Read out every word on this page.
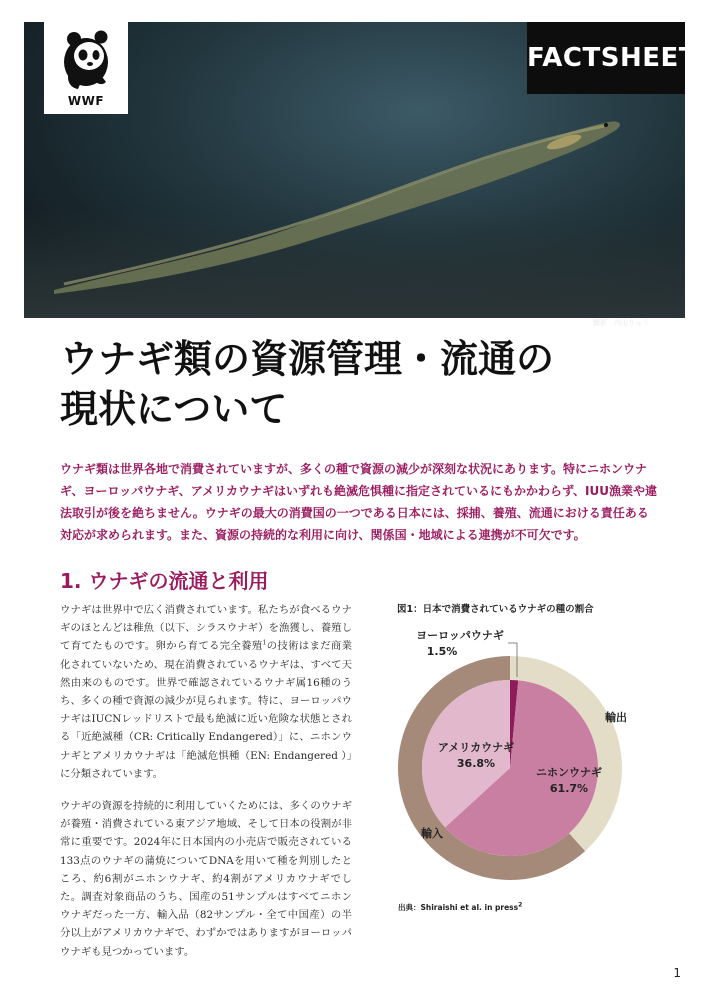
撮影　内山りゅう
WWF
FACTSHEET
ウナギ類の資源管理・流通の
現状について

ウナギ類は世界各地で消費されていますが、多くの種で資源の減少が深刻な状況にあります。特にニホンウナギ、ヨーロッパウナギ、アメリカウナギはいずれも絶滅危惧種に指定されているにもかかわらず、IUU漁業や違法取引が後を絶ちません。ウナギの最大の消費国の一つである日本には、採捕、養殖、流通における責任ある対応が求められます。また、資源の持続的な利用に向け、関係国・地域による連携が不可欠です。

1. ウナギの流通と利用

ウナギは世界中で広く消費されています。私たちが食べるウナギのほとんどは稚魚（以下、シラスウナギ）を漁獲し、養殖して育てたものです。卵から育てる完全養殖$^1$の技術はまだ商業化されていないため、現在消費されているウナギは、すべて天然由来のものです。世界で確認されているウナギ属16種のうち、多くの種で資源の減少が見られます。特に、ヨーロッパウナギはIUCNレッドリストで最も絶滅に近い危険な状態とされる「近絶滅種（CR: Critically Endangered）」に、ニホンウナギとアメリカウナギは「絶滅危惧種（EN: Endangered ）」に分類されています。

ウナギの資源を持続的に利用していくためには、多くのウナギが養殖・消費されている東アジア地域、そして日本の役割が非常に重要です。2024年に日本国内の小売店で販売されている133点のウナギの蒲焼についてDNAを用いて種を判別したところ、約6割がニホンウナギ、約4割がアメリカウナギでした。調査対象商品のうち、国産の51サンプルはすべてニホンウナギだった一方、輸入品（82サンプル・全て中国産）の半分以上がアメリカウナギで、わずかではありますがヨーロッパウナギも見つかっています。

図1：日本で消費されているウナギの種の割合
ヨーロッパウナギ
1.5%
アメリカウナギ
36.8%
ニホンウナギ
61.7%
輸出
輸入
出典：Shiraishi et al. in press$^2$
1
